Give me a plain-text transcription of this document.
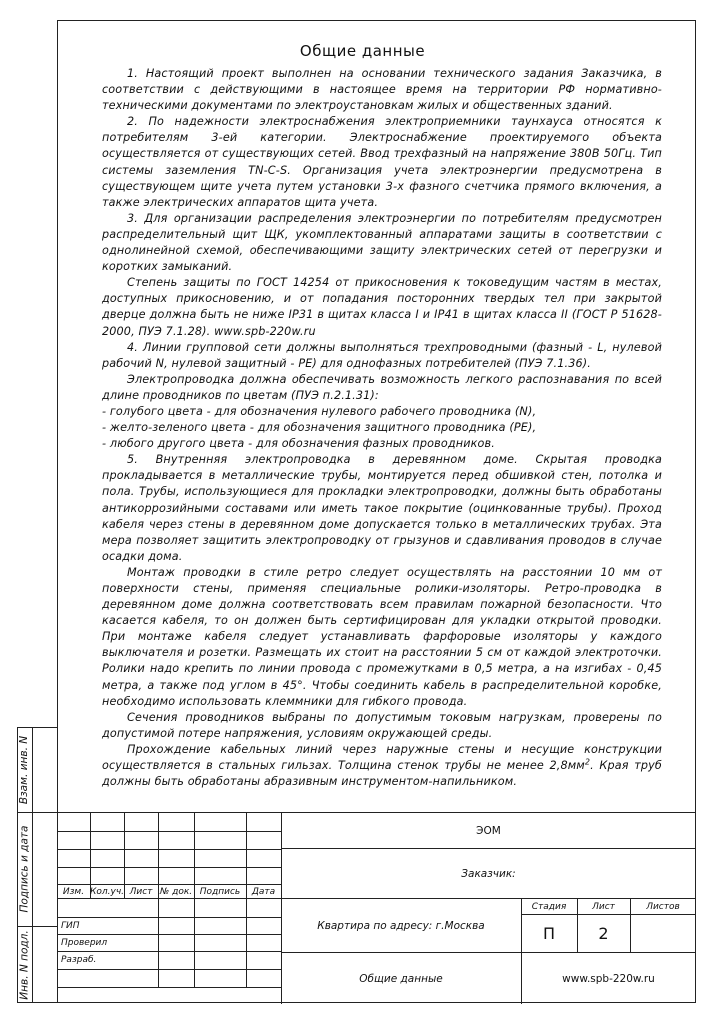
Общие данные

1. Настоящий проект выполнен на основании технического задания Заказчика, в соответствии с действующими в настоящее время на территории РФ нормативно-техническими документами по электроустановкам жилых и общественных зданий.

2. По надежности электроснабжения электроприемники таунхауса относятся к потребителям 3-ей категории. Электроснабжение проектируемого объекта осуществляется от существующих сетей. Ввод трехфазный на напряжение 380В 50Гц. Тип системы заземления TN-C-S. Организация учета электроэнергии предусмотрена в существующем щите учета путем установки 3-х фазного счетчика прямого включения, а также электрических аппаратов щита учета.

3. Для организации распределения электроэнергии по потребителям предусмотрен распределительный щит ЩК, укомплектованный аппаратами защиты в соответствии с однолинейной схемой, обеспечивающими защиту электрических сетей от перегрузки и коротких замыканий.

Степень защиты по ГОСТ 14254 от прикосновения к токоведущим частям в местах, доступных прикосновению, и от попадания посторонних твердых тел при закрытой дверце должна быть не ниже IP31 в щитах класса I и IP41 в щитах класса II (ГОСТ Р 51628-2000, ПУЭ 7.1.28). www.spb-220w.ru

4. Линии групповой сети должны выполняться трехпроводными (фазный - L, нулевой рабочий N, нулевой защитный - PE) для однофазных потребителей (ПУЭ 7.1.36).

Электропроводка должна обеспечивать возможность легкого распознавания по всей длине проводников по цветам (ПУЭ п.2.1.31):

- голубого цвета - для обозначения нулевого рабочего проводника (N),

- желто-зеленого цвета - для обозначения защитного проводника (PE),

- любого другого цвета - для обозначения фазных проводников.

5. Внутренняя электропроводка в деревянном доме. Скрытая проводка прокладывается в металлические трубы, монтируется перед обшивкой стен, потолка и пола. Трубы, использующиеся для прокладки электропроводки, должны быть обработаны антикоррозийными составами или иметь такое покрытие (оцинкованные трубы). Проход кабеля через стены в деревянном доме допускается только в металлических трубах. Эта мера позволяет защитить электропроводку от грызунов и сдавливания проводов в случае осадки дома.

Монтаж проводки в стиле ретро следует осуществлять на расстоянии 10 мм от поверхности стены, применяя специальные ролики-изоляторы. Ретро-проводка в деревянном доме должна соответствовать всем правилам пожарной безопасности. Что касается кабеля, то он должен быть сертифицирован для укладки открытой проводки. При монтаже кабеля следует устанавливать фарфоровые изоляторы у каждого выключателя и розетки. Размещать их стоит на расстоянии 5 см от каждой электроточки. Ролики надо крепить по линии провода с промежутками в 0,5 метра, а на изгибах - 0,45 метра, а также под углом в 45°. Чтобы соединить кабель в распределительной коробке, необходимо использовать клеммники для гибкого провода.

Сечения проводников выбраны по допустимым токовым нагрузкам, проверены по допустимой потере напряжения, условиям окружающей среды.

Прохождение кабельных линий через наружные стены и несущие конструкции осуществляется в стальных гильзах. Толщина стенок трубы не менее $2,8мм^2$. Края труб должны быть обработаны абразивным инструментом-напильником.

Взам. инв. N
Подпись и дата
Инв. N подл.
Изм. Кол.уч. Лист № док. Подпись	Дата
ГИП
Проверил
Разраб.
ЭОМ
Заказчик:
Квартира по адресу: г.Москва
Стадия	Лист	Листов
П	2
Общие данные	www.spb-220w.ru
